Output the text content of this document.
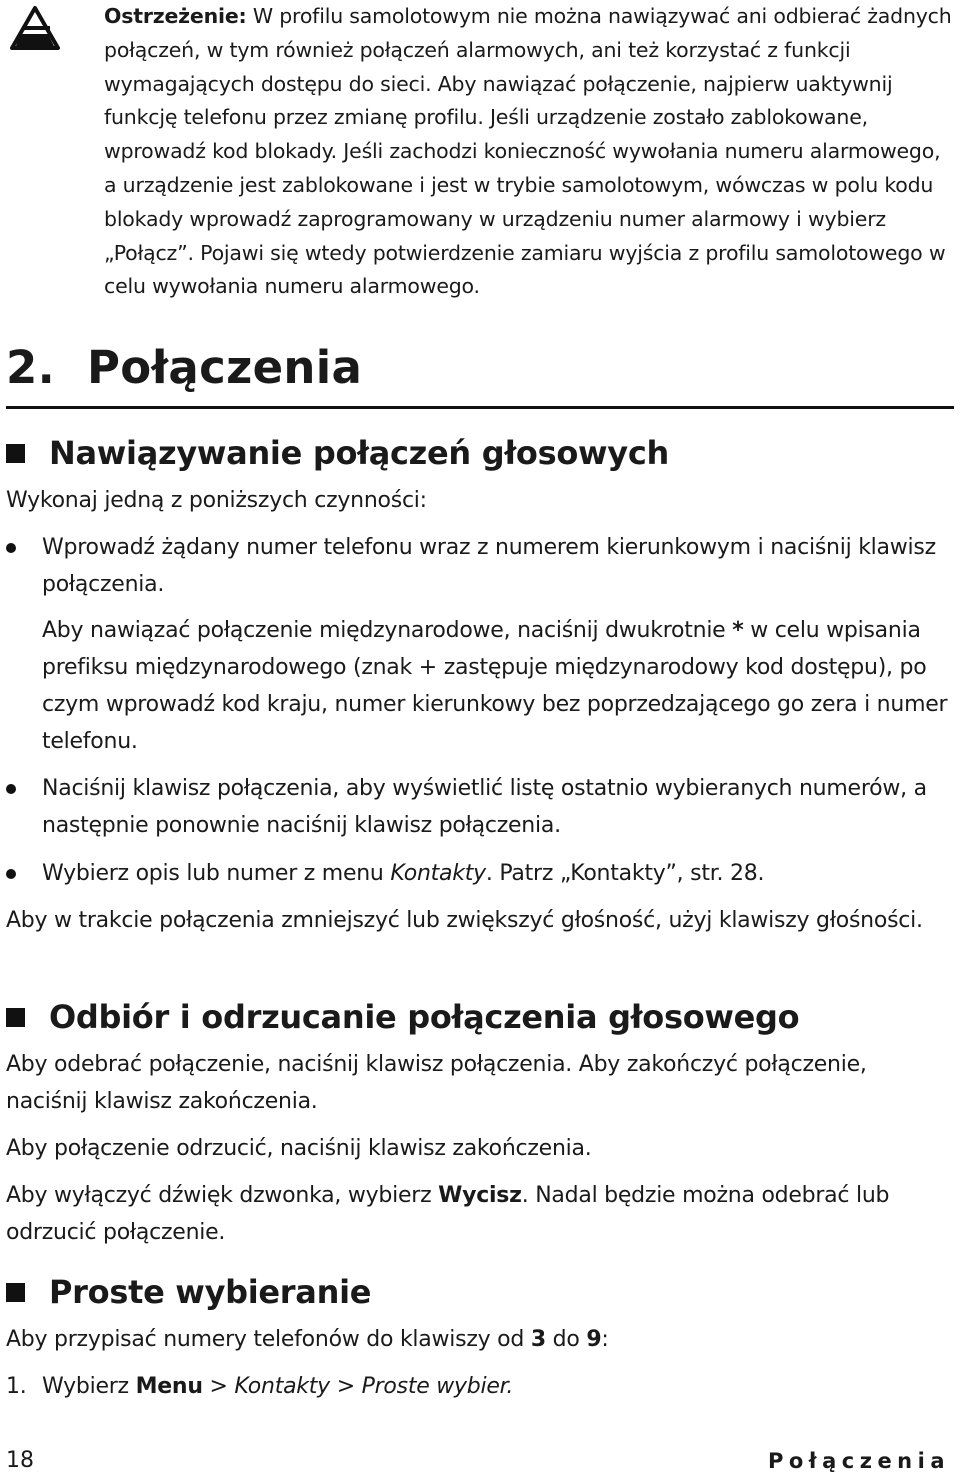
Ostrzeżenie: W profilu samolotowym nie można nawiązywać ani odbierać żadnych połączeń, w tym również połączeń alarmowych, ani też korzystać z funkcji wymagających dostępu do sieci. Aby nawiązać połączenie, najpierw uaktywnij funkcję telefonu przez zmianę profilu. Jeśli urządzenie zostało zablokowane, wprowadź kod blokady. Jeśli zachodzi konieczność wywołania numeru alarmowego, a urządzenie jest zablokowane i jest w trybie samolotowym, wówczas w polu kodu blokady wprowadź zaprogramowany w urządzeniu numer alarmowy i wybierz „Połącz”. Pojawi się wtedy potwierdzenie zamiaru wyjścia z profilu samolotowego w celu wywołania numeru alarmowego.
2.  Połączenia
Nawiązywanie połączeń głosowych
Wykonaj jedną z poniższych czynności:
Wprowadź żądany numer telefonu wraz z numerem kierunkowym i naciśnij klawisz połączenia.
Aby nawiązać połączenie międzynarodowe, naciśnij dwukrotnie * w celu wpisania prefiksu międzynarodowego (znak + zastępuje międzynarodowy kod dostępu), po czym wprowadź kod kraju, numer kierunkowy bez poprzedzającego go zera i numer telefonu.
Naciśnij klawisz połączenia, aby wyświetlić listę ostatnio wybieranych numerów, a następnie ponownie naciśnij klawisz połączenia.
Wybierz opis lub numer z menu Kontakty. Patrz „Kontakty”, str. 28.
Aby w trakcie połączenia zmniejszyć lub zwiększyć głośność, użyj klawiszy głośności.
Odbiór i odrzucanie połączenia głosowego
Aby odebrać połączenie, naciśnij klawisz połączenia. Aby zakończyć połączenie, naciśnij klawisz zakończenia.
Aby połączenie odrzucić, naciśnij klawisz zakończenia.
Aby wyłączyć dźwięk dzwonka, wybierz Wycisz. Nadal będzie można odebrać lub odrzucić połączenie.
Proste wybieranie
Aby przypisać numery telefonów do klawiszy od 3 do 9:
1. Wybierz Menu > Kontakty > Proste wybier.
18	Połączenia
